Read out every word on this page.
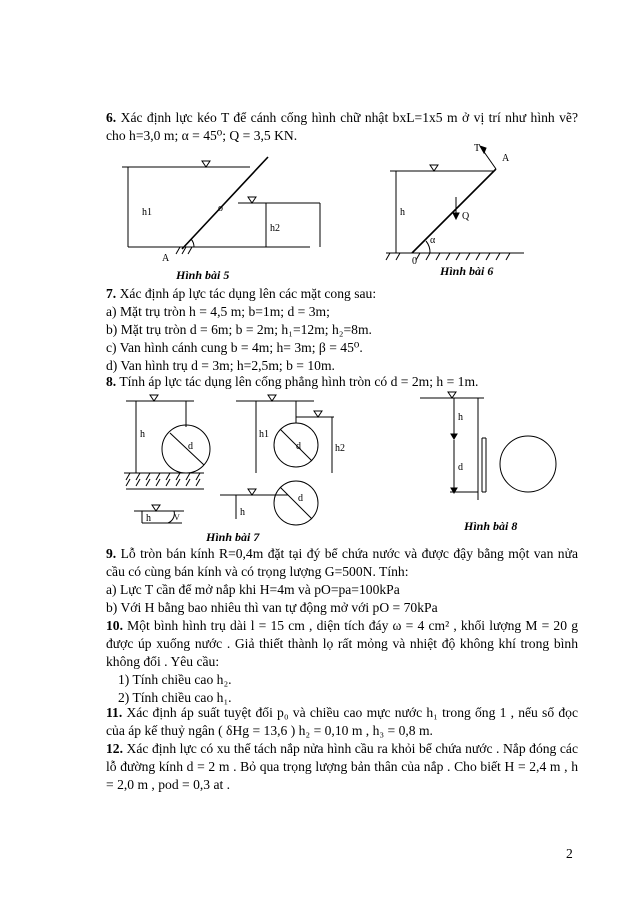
6. Xác định lực kéo T để cánh cống hình chữ nhật bxL=1x5 m ở vị trí như hình vẽ? cho h=3,0 m; α = 45⁰; Q = 3,5 KN.

h1	o
h2
A
Hình bài 5
T
A
h	Q
α
0
Hình bài 6

7. Xác định áp lực tác dụng lên các mặt cong sau:

a) Mặt trụ tròn h = 4,5 m; b=1m; d = 3m;

b) Mặt trụ tròn d = 6m; b = 2m; h₁=12m; h₂=8m.

c) Van hình cánh cung b = 4m; h= 3m; β = 45⁰.

d) Van hình trụ d = 3m; h=2,5m; b = 10m.

8. Tính áp lực tác dụng lên cống phẳng hình tròn có d = 2m; h = 1m.

h
d
h1
d	h2
h	V	h
d
Hình bài 7
h
d
Hình bài 8

9. Lỗ tròn bán kính R=0,4m đặt tại đý bể chứa nước và được đậy bằng một van nửa cầu có cùng bán kính và có trọng lượng G=500N. Tính:

a) Lực T cần để mở nắp khi H=4m và pO=pa=100kPa

b) Với H bằng bao nhiêu thì van tự động mở với pO = 70kPa

10. Một bình hình trụ dài l = 15 cm , diện tích đáy ω = 4 cm² , khối lượng M = 20 g được úp xuống nước . Giả thiết thành lọ rất mỏng và nhiệt độ không khí trong bình không đổi . Yêu cầu:

1) Tính chiều cao h₂.

2) Tính chiều cao h₁.

11. Xác định áp suất tuyệt đối p₀ và chiều cao mực nước h₁ trong ống 1 , nếu số đọc của áp kế thuỷ ngân ( δHg = 13,6 ) h₂ = 0,10 m , h₃ = 0,8 m.

12. Xác định lực có xu thế tách nắp nửa hình cầu ra khỏi bể chứa nước . Nắp đóng các lỗ đường kính d = 2 m . Bỏ qua trọng lượng bản thân của nắp . Cho biết H = 2,4 m , h = 2,0 m , pod = 0,3 at .

2
